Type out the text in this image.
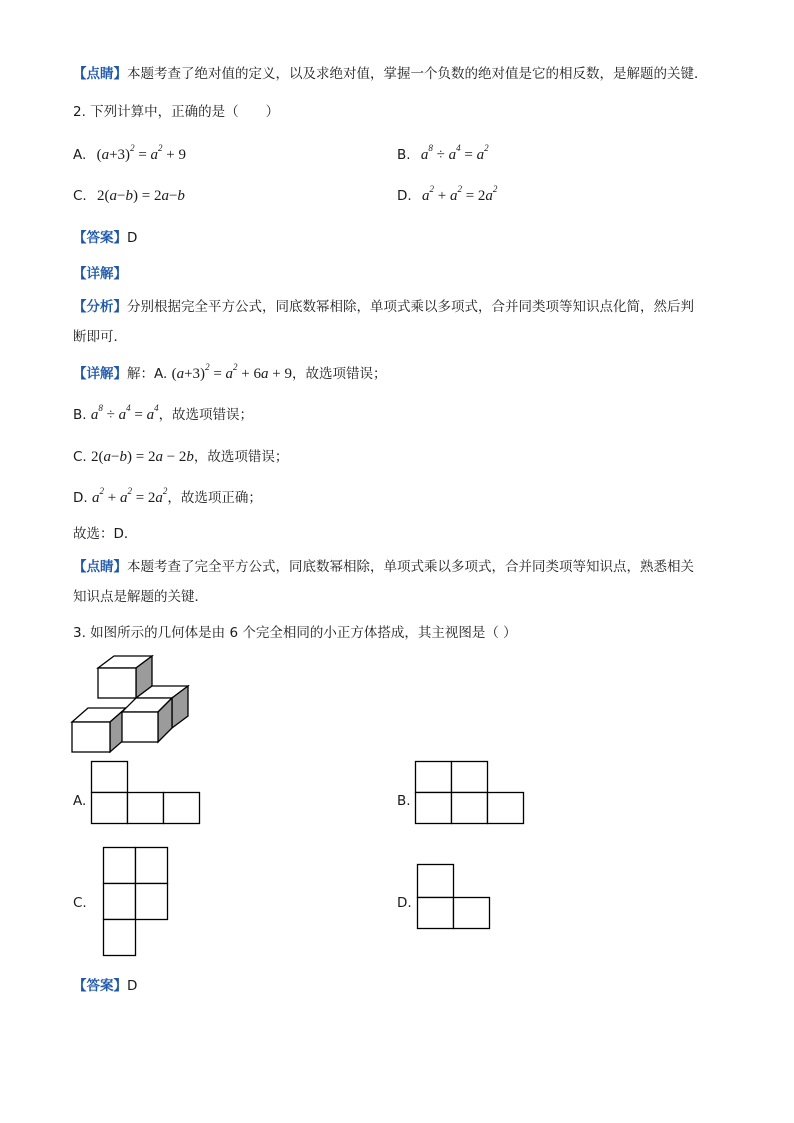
【点睛】本题考查了绝对值的定义，以及求绝对值，掌握一个负数的绝对值是它的相反数，是解题的关键．
2. 下列计算中，正确的是（　　）
A. $(a+3)^2 = a^2 + 9$	B. $a^8 \div a^4 = a^2$
C. 2(a−b) = 2a−b	D. $a^2 + a^2 = 2a^2$
【答案】D
【详解】
【分析】分别根据完全平方公式，同底数幂相除，单项式乘以多项式，合并同类项等知识点化简，然后判
断即可．
【详解】解：A. $(a+3)^2 = a^2 + 6a + 9$，故选项错误；
B. $a^8 \div a^4 = a^4$，故选项错误；
C. 2(a−b) = 2a − 2b，故选项错误；
D. $a^2 + a^2 = 2a^2$，故选项正确；
故选：D．
【点睛】本题考查了完全平方公式，同底数幂相除，单项式乘以多项式，合并同类项等知识点，熟悉相关
知识点是解题的关键．
3. 如图所示的几何体是由 6 个完全相同的小正方体搭成，其主视图是（ ）
A.	B.
C.	D.
【答案】D
